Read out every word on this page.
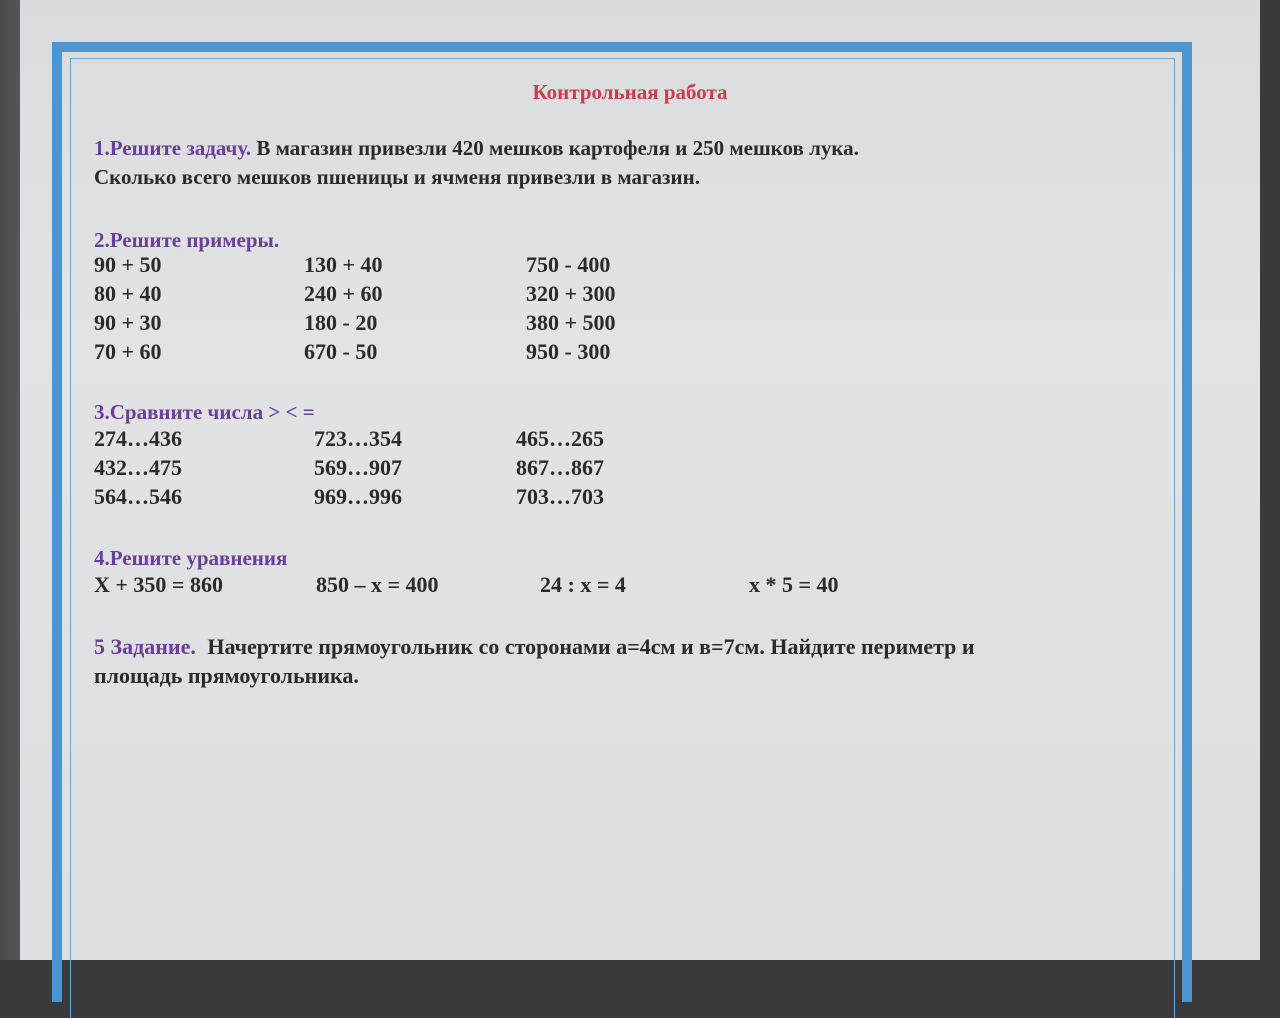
Контрольная работа
1.Решите задачу. В магазин привезли 420 мешков картофеля и 250 мешков лука.
Сколько всего мешков пшеницы и ячменя привезли в магазин.
2.Решите примеры.
90 + 50	130 + 40	750 - 400
80 + 40	240 + 60	320 + 300
90 + 30	180 - 20	380 + 500
70 + 60	670 - 50	950 - 300
3.Сравните числа > < =
274…436	723…354	465…265
432…475	569…907	867…867
564…546	969…996	703…703
4.Решите уравнения
X + 350 = 860	850 – x = 400	24 : x = 4	x * 5 = 40
5 Задание. Начертите прямоугольник со сторонами а=4см и в=7см. Найдите периметр и
площадь прямоугольника.
